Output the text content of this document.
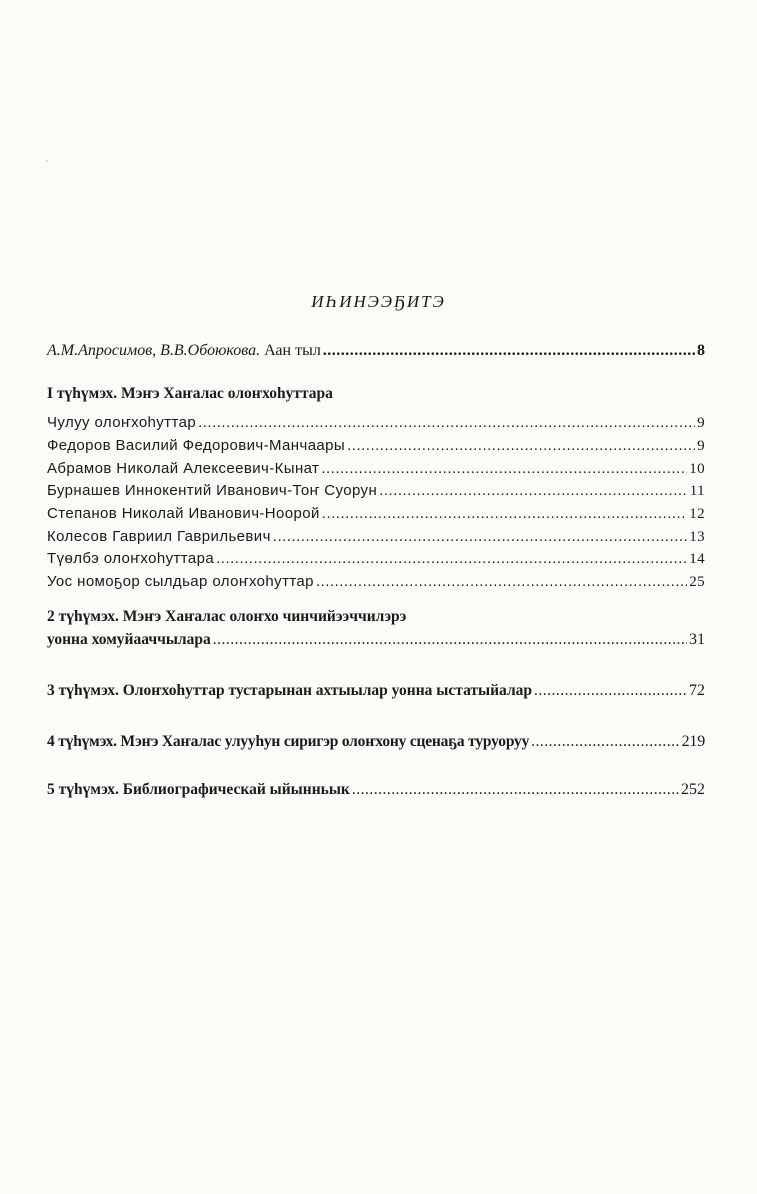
ИҺИНЭЭҔИТЭ
А.М.Апросимов, В.В.Обоюкова. Аан тыл .....	8
I түһүмэх. Мэҥэ Хаҥалас олоҥхоһуттара
Чулуу олоҥхоһуттар .....	9
Федоров Василий Федорович-Манчаары .....	9
Абрамов Николай Алексеевич-Кынат .....	10
Бурнашев Иннокентий Иванович-Тоҥ Суорун .....	11
Степанов Николай Иванович-Ноорой .....	12
Колесов Гавриил Гаврильевич .....	13
Түөлбэ олоҥхоһуттара .....	14
Уос номоҕор сылдьар олоҥхоһуттар .....	25
2 түһүмэх. Мэҥэ Хаҥалас олоҥхо чинчийээччилэрэ
уонна хомуйааччылара .....	31
3 түһүмэх. Олоҥхоһуттар тустарынан ахтыылар уонна ыстатыйалар .....	72
4 түһүмэх. Мэҥэ Хаҥалас улууһун сиригэр олоҥхону сценаҕа туруоруу .....	219
5 түһүмэх. Библиографическай ыйынньык .....	252
